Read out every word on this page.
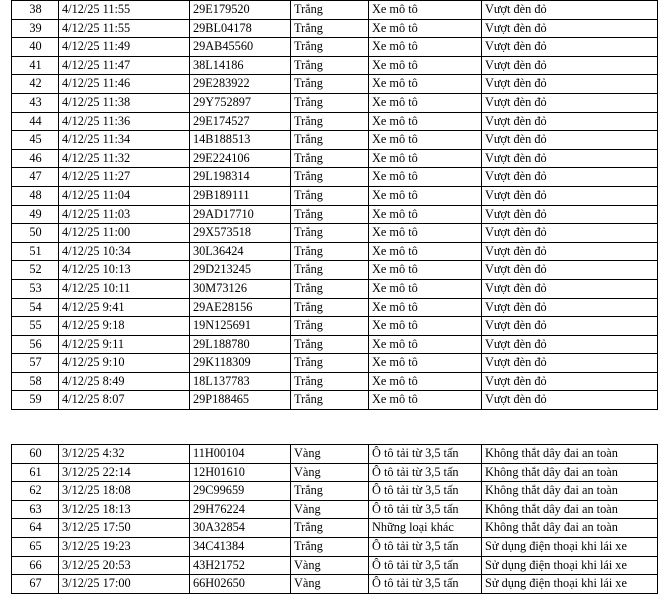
38	4/12/25 11:55	29E179520	Trắng	Xe mô tô	Vượt đèn đỏ
39	4/12/25 11:55	29BL04178	Trắng	Xe mô tô	Vượt đèn đỏ
40	4/12/25 11:49	29AB45560	Trắng	Xe mô tô	Vượt đèn đỏ
41	4/12/25 11:47	38L14186	Trắng	Xe mô tô	Vượt đèn đỏ
42	4/12/25 11:46	29E283922	Trắng	Xe mô tô	Vượt đèn đỏ
43	4/12/25 11:38	29Y752897	Trắng	Xe mô tô	Vượt đèn đỏ
44	4/12/25 11:36	29E174527	Trắng	Xe mô tô	Vượt đèn đỏ
45	4/12/25 11:34	14B188513	Trắng	Xe mô tô	Vượt đèn đỏ
46	4/12/25 11:32	29E224106	Trắng	Xe mô tô	Vượt đèn đỏ
47	4/12/25 11:27	29L198314	Trắng	Xe mô tô	Vượt đèn đỏ
48	4/12/25 11:04	29B189111	Trắng	Xe mô tô	Vượt đèn đỏ
49	4/12/25 11:03	29AD17710	Trắng	Xe mô tô	Vượt đèn đỏ
50	4/12/25 11:00	29X573518	Trắng	Xe mô tô	Vượt đèn đỏ
51	4/12/25 10:34	30L36424	Trắng	Xe mô tô	Vượt đèn đỏ
52	4/12/25 10:13	29D213245	Trắng	Xe mô tô	Vượt đèn đỏ
53	4/12/25 10:11	30M73126	Trắng	Xe mô tô	Vượt đèn đỏ
54	4/12/25 9:41	29AE28156	Trắng	Xe mô tô	Vượt đèn đỏ
55	4/12/25 9:18	19N125691	Trắng	Xe mô tô	Vượt đèn đỏ
56	4/12/25 9:11	29L188780	Trắng	Xe mô tô	Vượt đèn đỏ
57	4/12/25 9:10	29K118309	Trắng	Xe mô tô	Vượt đèn đỏ
58	4/12/25 8:49	18L137783	Trắng	Xe mô tô	Vượt đèn đỏ
59	4/12/25 8:07	29P188465	Trắng	Xe mô tô	Vượt đèn đỏ
60	3/12/25 4:32	11H00104	Vàng	Ô tô tải từ 3,5 tấn	Không thắt dây đai an toàn
61	3/12/25 22:14	12H01610	Vàng	Ô tô tải từ 3,5 tấn	Không thắt dây đai an toàn
62	3/12/25 18:08	29C99659	Trắng	Ô tô tải từ 3,5 tấn	Không thắt dây đai an toàn
63	3/12/25 18:13	29H76224	Vàng	Ô tô tải từ 3,5 tấn	Không thắt dây đai an toàn
64	3/12/25 17:50	30A32854	Trắng	Những loại khác	Không thắt dây đai an toàn
65	3/12/25 19:23	34C41384	Trắng	Ô tô tải từ 3,5 tấn	Sử dụng điện thoại khi lái xe
66	3/12/25 20:53	43H21752	Vàng	Ô tô tải từ 3,5 tấn	Sử dụng điện thoại khi lái xe
67	3/12/25 17:00	66H02650	Vàng	Ô tô tải từ 3,5 tấn	Sử dụng điện thoại khi lái xe
